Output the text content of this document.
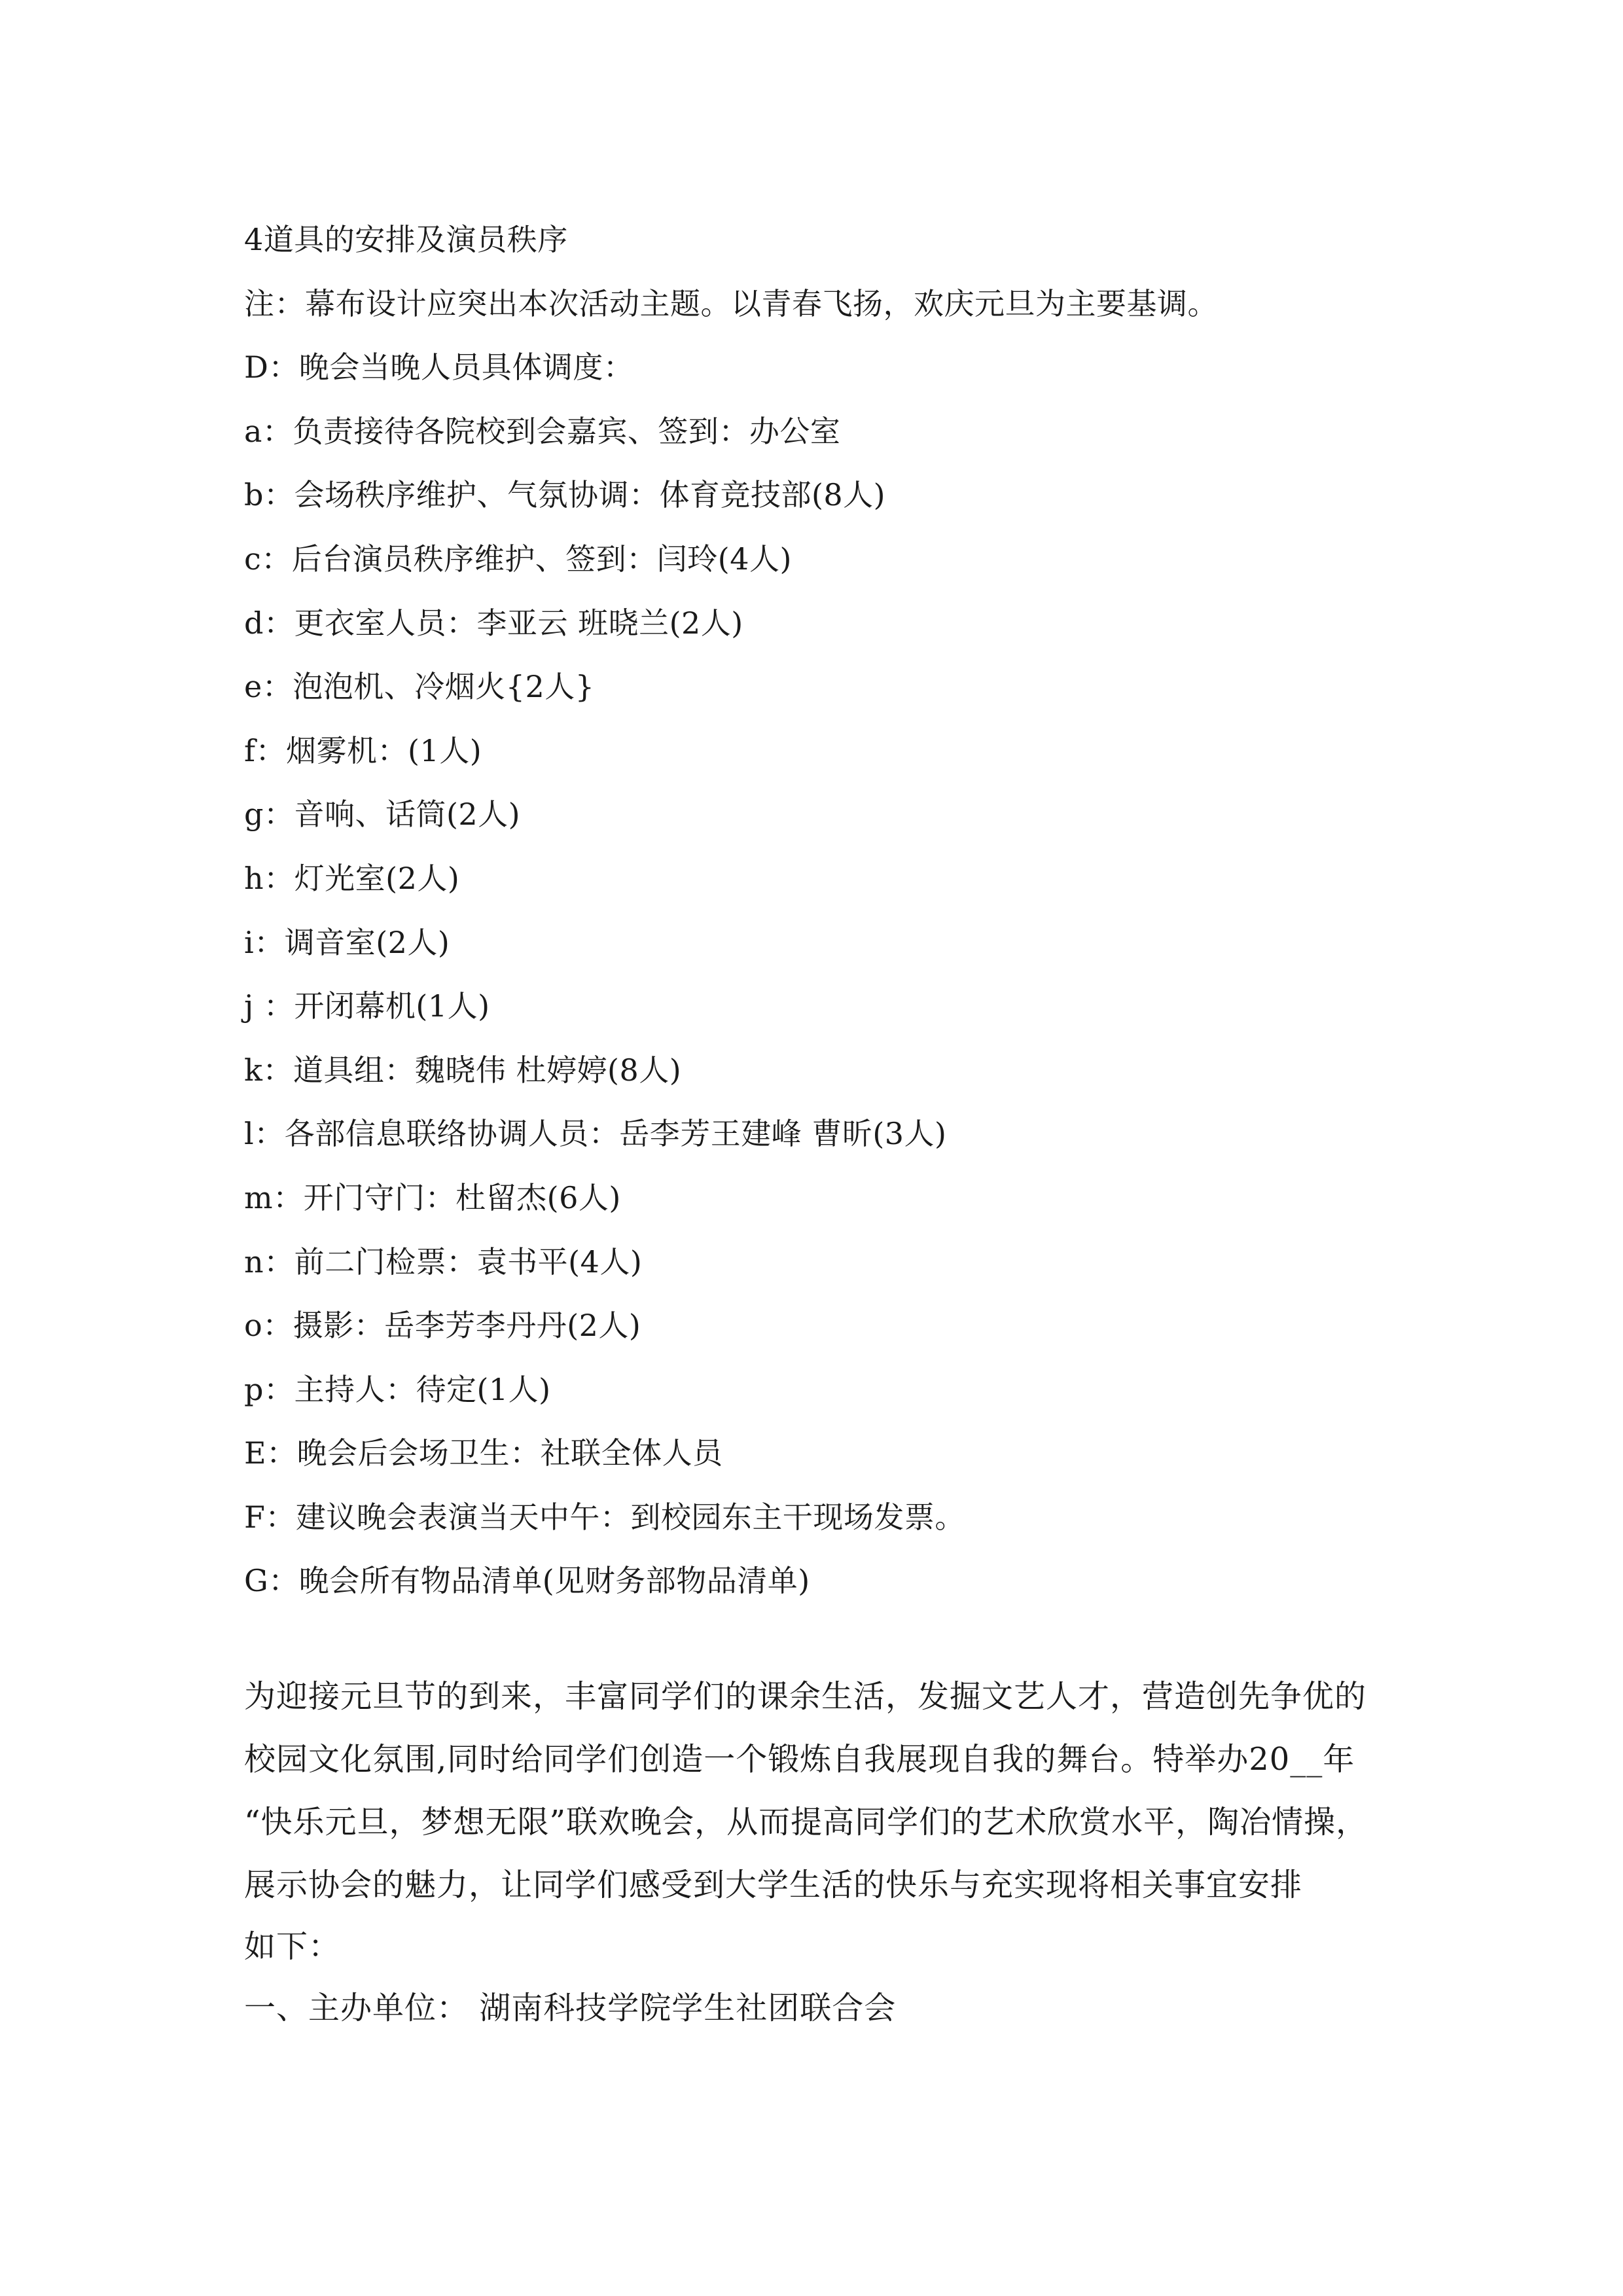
4道具的安排及演员秩序
注：幕布设计应突出本次活动主题。以青春飞扬，欢庆元旦为主要基调。
D：晚会当晚人员具体调度：
a：负责接待各院校到会嘉宾、签到：办公室
b：会场秩序维护、气氛协调：体育竞技部(8人)
c：后台演员秩序维护、签到：闫玲(4人)
d：更衣室人员：李亚云 班晓兰(2人)
e：泡泡机、冷烟火{2人}
f：烟雾机：(1人)
g：音响、话筒(2人)
h：灯光室(2人)
i：调音室(2人)
j ：开闭幕机(1人)
k：道具组：魏晓伟 杜婷婷(8人)
l：各部信息联络协调人员：岳李芳王建峰 曹昕(3人)
m：开门守门：杜留杰(6人)
n：前二门检票：袁书平(4人)
o：摄影：岳李芳李丹丹(2人)
p：主持人：待定(1人)
E：晚会后会场卫生：社联全体人员
F：建议晚会表演当天中午：到校园东主干现场发票。
G：晚会所有物品清单(见财务部物品清单)
为迎接元旦节的到来，丰富同学们的课余生活，发掘文艺人才，营造创先争优的
校园文化氛围,同时给同学们创造一个锻炼自我展现自我的舞台。特举办20__年
“快乐元旦，梦想无限”联欢晚会，从而提高同学们的艺术欣赏水平，陶冶情操，
展示协会的魅力，让同学们感受到大学生活的快乐与充实现将相关事宜安排
如下：
一、主办单位： 湖南科技学院学生社团联合会
